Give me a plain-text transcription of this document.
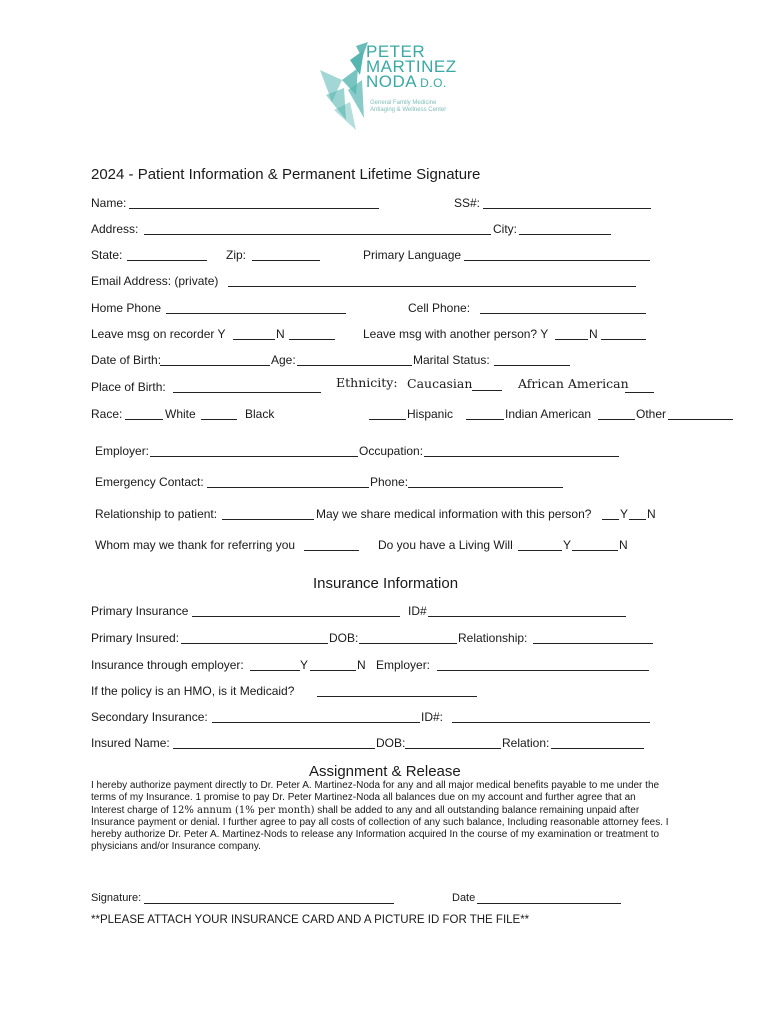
PETER
MARTINEZ
NODA D.O.
General Family Medicine
Antiaging & Wellness Center
2024 - Patient Information & Permanent Lifetime Signature
Name:	SS#:
Address:	City:
State:	Zip:	Primary Language
Email Address: (private)
Home Phone	Cell Phone:
Leave msg on recorder Y	N	Leave msg with another person? Y	N
Date of Birth:	Age:	Marital Status:
Place of Birth:	Ethnicity: Caucasian	African American
Race:	White	Black	Hispanic	Indian American	Other
Employer:	Occupation:
Emergency Contact:	Phone:
Relationship to patient:	May we share medical information with this person? Y N
Whom may we thank for referring you	Do you have a Living Will	Y	N
Insurance Information
Primary Insurance	ID#
Primary Insured:	DOB:	Relationship:
Insurance through employer:	Y	N Employer:
If the policy is an HMO, is it Medicaid?
Secondary Insurance:	ID#:
Insured Name:	DOB:	Relation:
Assignment & Release
I hereby authorize payment directly to Dr. Peter A. Martinez-Noda for any and all major medical benefits payable to me under the terms of my Insurance. 1 promise to pay Dr. Peter Martinez-Noda all balances due on my account and further agree that an Interest charge of 12% annum (1% per month) shall be added to any and all outstanding balance remaining unpaid after Insurance payment or denial. I further agree to pay all costs of collection of any such balance, Including reasonable attorney fees. I hereby authorize Dr. Peter A. Martinez-Nods to release any Information acquired In the course of my examination or treatment to physicians and/or Insurance company.
Signature:	Date
**PLEASE ATTACH YOUR INSURANCE CARD AND A PICTURE ID FOR THE FILE**
